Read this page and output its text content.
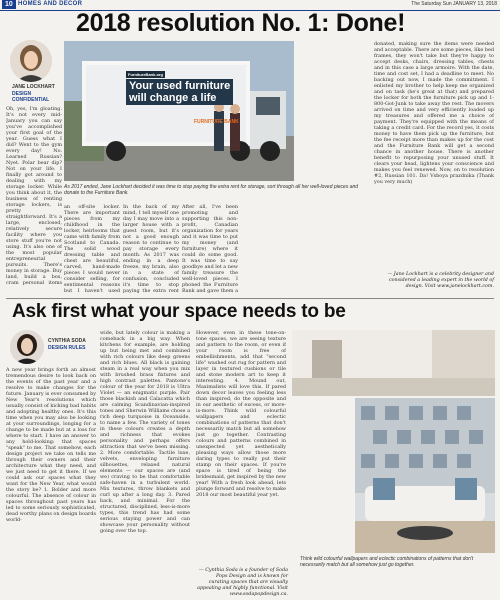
10 HOMES AND DECOR	The Saturday Sun JANUARY 13, 2018
2018 resolution No. 1: Done!
JANE LOCKHART
DESIGN
CONFIDENTIAL

Oh, yes, I'm gloating. It's not every mid-January you can say you've accomplished your first goal of the year. Guess what I did? Went to the gym every day! No. Learned Russian? Nyet. Polar bear dip? Not on your life. I finally got around to dealing with my storage locker. While you think about it, the business of renting storage lockers, is pretty straightforward. It's a large, enclosed, relatively secure facility where you store stuff you're not using. It's also one of the most popular entrepreneurial pursuits. There's money in storage. Buy land, build a box, cram personal items

FurnitureBank.org
Your used furniture
will change a life
FURNITURE BANK
As 2017 ended, Jane Lockhart decided it was time to stop paying the extra rent for storage, sort through all her well-loved pieces and donate to the Furniture Bank.

an off-site locker. There are important pieces from my childhood in the locker, heirlooms that came with family from Scotland to Canada. The solid wood dressing table and chest are beautiful, carved, hand-made pieces I would never consider selling, for sentimental reasons but I haven't used

In the back of my mind, I tell myself one day I may move into a larger house with a guest room, but it's not a good enough reason to continue to pay storage every month. As 2017 was ending in a deep freeze, my brain, also in a state of confusion, concluded it's time to stop paying the extra rent

After all, I've been promoting and supporting this non-profit, Canadian organization for years and it was time to put my money (and furniture) where it could do some good. It was time to say goodbye and let a new family treasure the well-loved pieces. I phoned the Furniture Bank and gave them a

donated, making sure the items were needed and acceptable. There are some pieces, like bed frames, they won't take but they're happy to accept desks, chairs, dressing tables, chests and in this case a large armoire. With the date, time and cost set, I had a deadline to meet. No backing out now, I made the commitment. I enlisted my brother to help keep me organized and on task (he's great at that) and prepared the locker for both the furniture pick up and 1-800-Got-Junk to take away the rest. The movers arrived on time and very efficiently loaded up my treasures and offered me a choice of payment. They're equipped with the means of taking a credit card. For the record yes, it costs money to have them pick up the furniture, but the fee receipt more than makes up for the cost and the Furniture Bank will get a second chance in another house. There is another benefit to repurposing your unused stuff. It clears your head, lightens your conscience and makes you feel renewed. Now, on to resolution #2, Russian 101. Da! Vsboya prazdnika (Thank you very much)

— Jane Lockhart is a celebrity designer and considered a leading expert in the world of design. Visit www.janelockhart.com.
Ask first what your space needs to be
CYNTHIA SODA
DESIGN RULES

A new year brings forth an almost tremendous desire to look back on the events of the past year and a resolve to make changes for the future. January is ever consumed by New Year's resolutions which usually consist of kicking bad habits and adopting healthy ones. It's this time when you may also be looking at your surroundings, longing for a change to be made but at a loss for where to start. I have an answer to any hold-looking: that spaces "speak" to me. That somehow, each design project we take on tells me through their owners and their architecture what they need, and we just need to get it there. If we could ask our spaces what they want for the New Year, what would the story be? 1. Bolder and more colourful. The absence of colour in spaces throughout past years has led to some seriously sophisticated, dead worthy plans on design boards world-

wide, but lately colour is making a comeback in a big way. When kitchens for example, are holding up but being met and combined with rich colours like deep greens and rich blues. All black is gaining steam in a real way when you mix with brushed brass fixtures and high contrast palettes. Pantone's colour of the year for 2018 is Ultra Violet — an enigmatic purple. Pair those blackish and Calacatta which are calming Scandinavian-inspired tones and Sherwin Williams chose a rich deep turquoise in Oceanside, to name a few. The variety of tones in these colours creates a depth and richness that evokes personality and perhaps offers attraction that we've been missing. 2. More comfortable. Tactile luxe, velvets, enveloping furniture silhouettes, relaxed natural elements — our spaces are (and we) craving to be that comfortable safe-haven in a turbulent world. Mix textures, throw blankets and curl up after a long day. 3. Pared back, and minimal. For the structured, disciplined, less-is-more types, this trend has had some serious staying power and can showcase your personality without going over the top.

However, even in these tone-on-tone spaces, we are seeing texture and pattern to the room, or even if your room is free of embellishments, add that "second life" washed out rug for pattern and layer in textured cushions or tile and stone modern art to keep it interesting. 4. Mound out, Maximalists will love this. If pared down decor leaves you feeling less than inspired, do the opposite and in our aesthetic of excess, or more-is-more. Think wild colourful wallpapers and eclectic combinations of patterns that don't necessarily match but all somehow just go together. Contrasting colours and patterns combined in unexpected yet aesthetically pleasing ways allow those more daring types to really put their stamp on their spaces. If you're space is tired of being the bridesmaid, get inspired by the new year! With a fresh look ahead, lets plunge forward and resolve to make 2018 our most beautiful year yet.

— Cynthia Soda is a founder of Soda Pops Design and is known for curating spaces that are visually appealing and highly functional. Visit www.sodapopdesign.ca.
Think wild colourful wallpapers and eclectic combinations of patterns that don't necessarily match but all somehow just go together.
